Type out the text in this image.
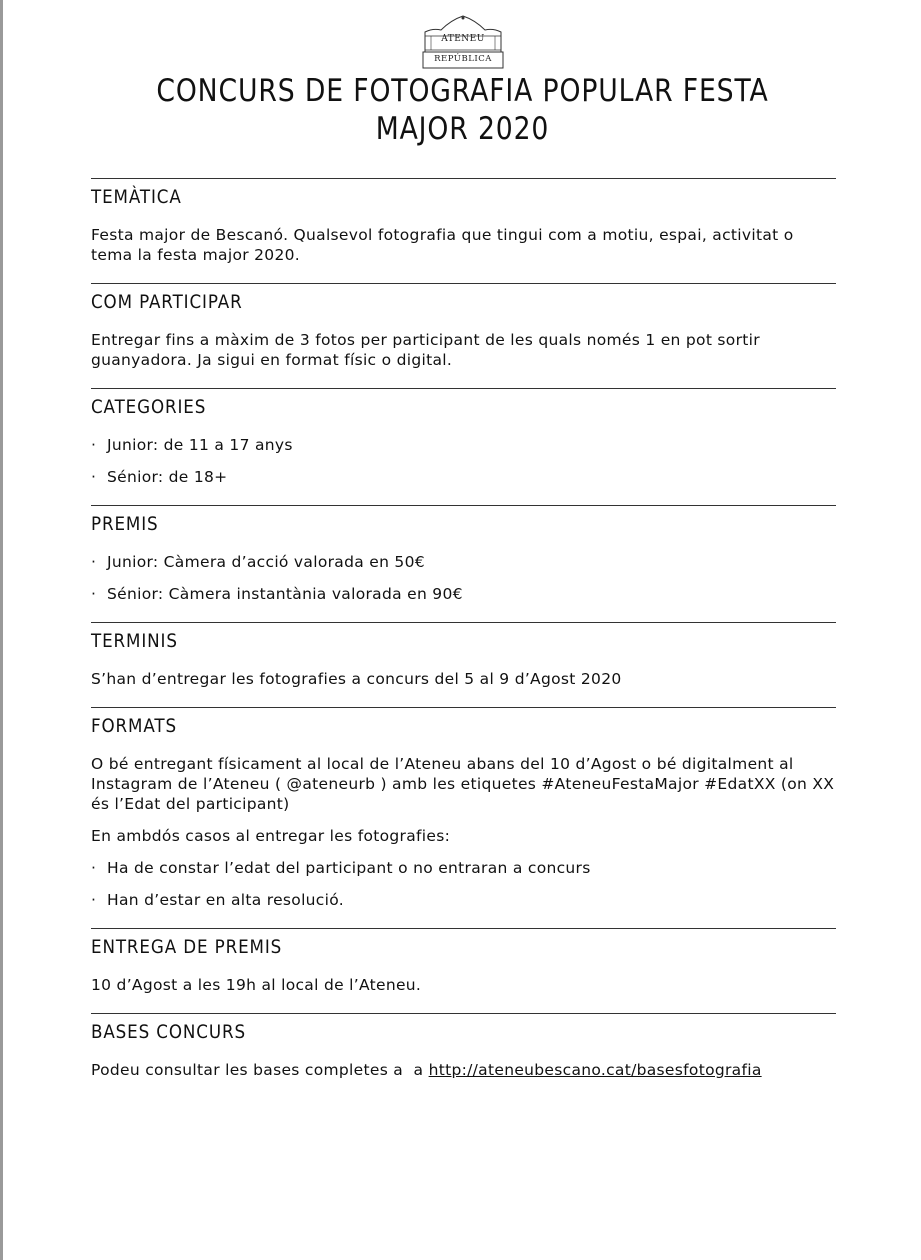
ATENEU
REPÚBLICA
CONCURS DE FOTOGRAFIA POPULAR FESTA MAJOR 2020
TEMÀTICA

Festa major de Bescanó. Qualsevol fotografia que tingui com a motiu, espai, activitat o tema la festa major 2020.

COM PARTICIPAR

Entregar fins a màxim de 3 fotos per participant de les quals només 1 en pot sortir guanyadora. Ja sigui en format físic o digital.

CATEGORIES

· Junior: de 11 a 17 anys

· Sénior: de 18+

PREMIS

· Junior: Càmera d’acció valorada en 50€

· Sénior: Càmera instantània valorada en 90€

TERMINIS

S’han d’entregar les fotografies a concurs del 5 al 9 d’Agost 2020

FORMATS

O bé entregant físicament al local de l’Ateneu abans del 10 d’Agost o bé digitalment al Instagram de l’Ateneu ( @ateneurb ) amb les etiquetes #AteneuFestaMajor #EdatXX (on XX és l’Edat del participant)

En ambdós casos al entregar les fotografies:

· Ha de constar l’edat del participant o no entraran a concurs

· Han d’estar en alta resolució.

ENTREGA DE PREMIS

10 d’Agost a les 19h al local de l’Ateneu.

BASES CONCURS

Podeu consultar les bases completes a  a http://ateneubescano.cat/basesfotografia
